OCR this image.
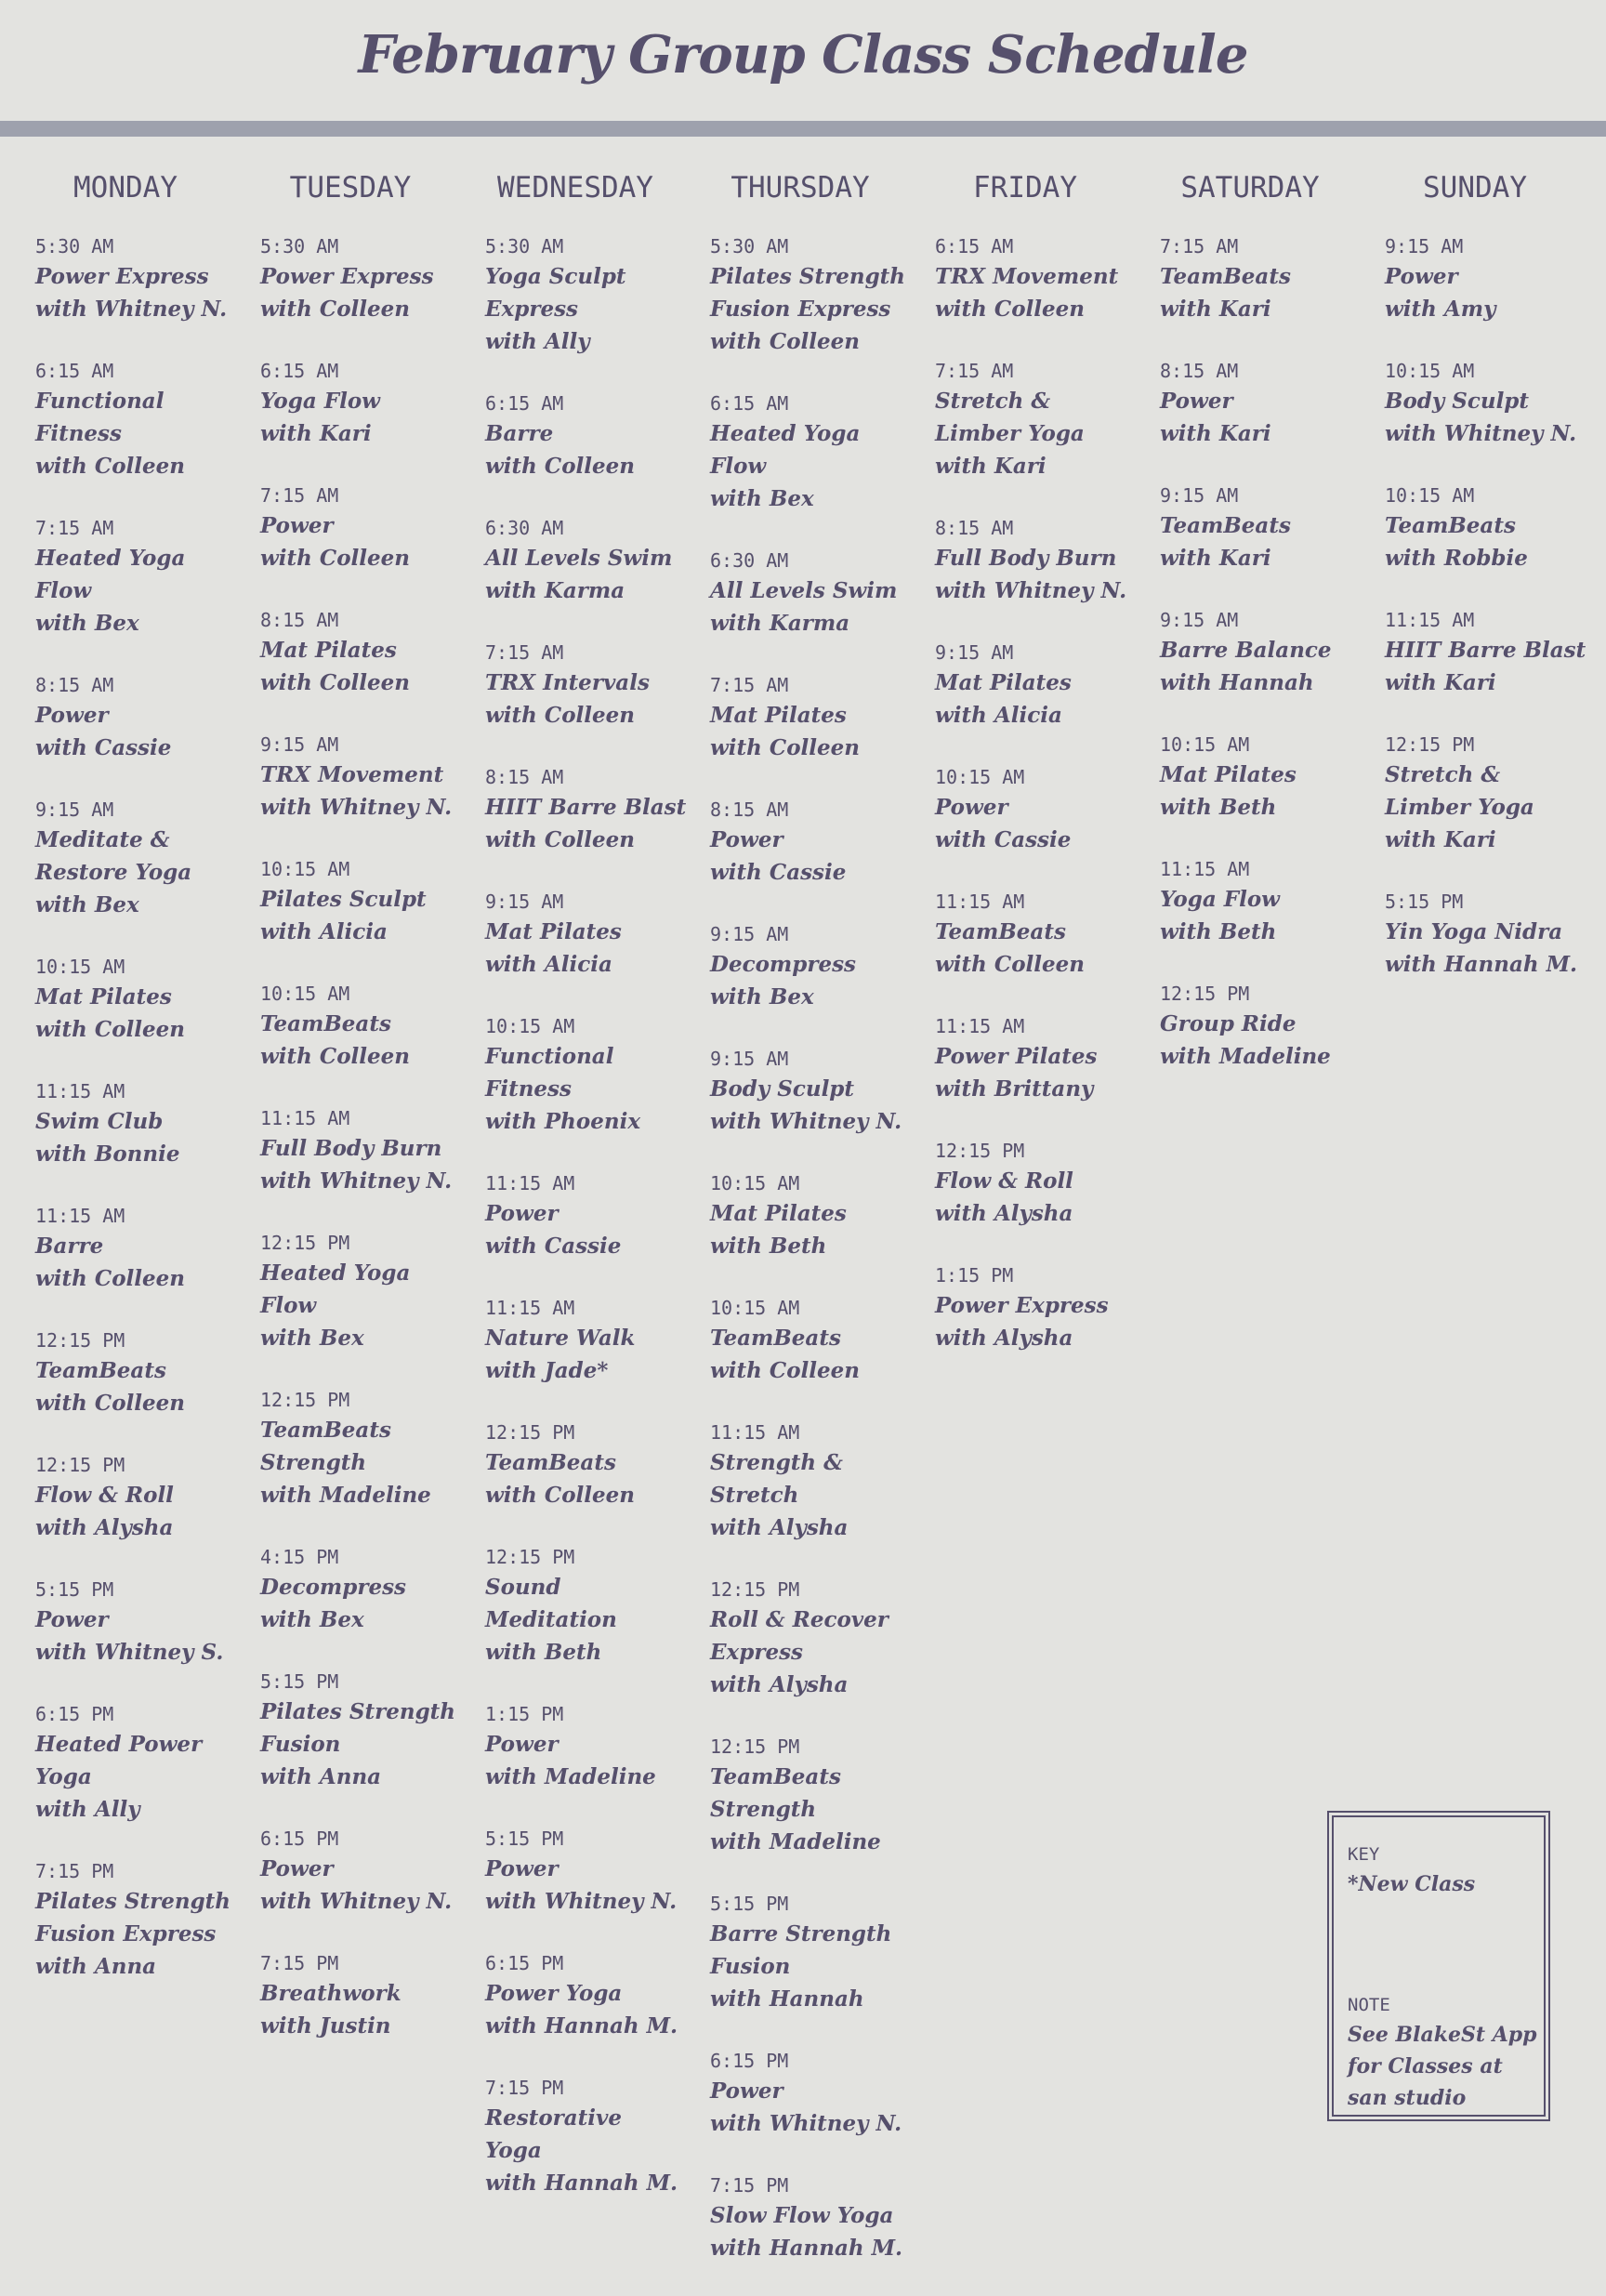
February Group Class Schedule
MONDAY
5:30 AM
Power Express
with Whitney N.
6:15 AM
Functional
Fitness
with Colleen
7:15 AM
Heated Yoga
Flow
with Bex
8:15 AM
Power
with Cassie
9:15 AM
Meditate &
Restore Yoga
with Bex
10:15 AM
Mat Pilates
with Colleen
11:15 AM
Swim Club
with Bonnie
11:15 AM
Barre
with Colleen
12:15 PM
TeamBeats
with Colleen
12:15 PM
Flow & Roll
with Alysha
5:15 PM
Power
with Whitney S.
6:15 PM
Heated Power
Yoga
with Ally
7:15 PM
Pilates Strength
Fusion Express
with Anna
TUESDAY
5:30 AM
Power Express
with Colleen
6:15 AM
Yoga Flow
with Kari
7:15 AM
Power
with Colleen
8:15 AM
Mat Pilates
with Colleen
9:15 AM
TRX Movement
with Whitney N.
10:15 AM
Pilates Sculpt
with Alicia
10:15 AM
TeamBeats
with Colleen
11:15 AM
Full Body Burn
with Whitney N.
12:15 PM
Heated Yoga
Flow
with Bex
12:15 PM
TeamBeats
Strength
with Madeline
4:15 PM
Decompress
with Bex
5:15 PM
Pilates Strength
Fusion
with Anna
6:15 PM
Power
with Whitney N.
7:15 PM
Breathwork
with Justin
WEDNESDAY
5:30 AM
Yoga Sculpt
Express
with Ally
6:15 AM
Barre
with Colleen
6:30 AM
All Levels Swim
with Karma
7:15 AM
TRX Intervals
with Colleen
8:15 AM
HIIT Barre Blast
with Colleen
9:15 AM
Mat Pilates
with Alicia
10:15 AM
Functional
Fitness
with Phoenix
11:15 AM
Power
with Cassie
11:15 AM
Nature Walk
with Jade*
12:15 PM
TeamBeats
with Colleen
12:15 PM
Sound
Meditation
with Beth
1:15 PM
Power
with Madeline
5:15 PM
Power
with Whitney N.
6:15 PM
Power Yoga
with Hannah M.
7:15 PM
Restorative
Yoga
with Hannah M.
THURSDAY
5:30 AM
Pilates Strength
Fusion Express
with Colleen
6:15 AM
Heated Yoga Flow
with Bex
6:30 AM
All Levels Swim
with Karma
7:15 AM
Mat Pilates
with Colleen
8:15 AM
Power
with Cassie
9:15 AM
Decompress
with Bex
9:15 AM
Body Sculpt
with Whitney N.
10:15 AM
Mat Pilates
with Beth
10:15 AM
TeamBeats
with Colleen
11:15 AM
Strength &
Stretch
with Alysha
12:15 PM
Roll & Recover
Express
with Alysha
12:15 PM
TeamBeats
Strength
with Madeline
5:15 PM
Barre Strength
Fusion
with Hannah
6:15 PM
Power
with Whitney N.
7:15 PM
Slow Flow Yoga
with Hannah M.
FRIDAY
6:15 AM
TRX Movement
with Colleen
7:15 AM
Stretch &
Limber Yoga
with Kari
8:15 AM
Full Body Burn
with Whitney N.
9:15 AM
Mat Pilates
with Alicia
10:15 AM
Power
with Cassie
11:15 AM
TeamBeats
with Colleen
11:15 AM
Power Pilates
with Brittany
12:15 PM
Flow & Roll
with Alysha
1:15 PM
Power Express
with Alysha
SATURDAY
7:15 AM
TeamBeats
with Kari
8:15 AM
Power
with Kari
9:15 AM
TeamBeats
with Kari
9:15 AM
Barre Balance
with Hannah
10:15 AM
Mat Pilates
with Beth
11:15 AM
Yoga Flow
with Beth
12:15 PM
Group Ride
with Madeline
SUNDAY
9:15 AM
Power
with Amy
10:15 AM
Body Sculpt
with Whitney N.
10:15 AM
TeamBeats
with Robbie
11:15 AM
HIIT Barre Blast
with Kari
12:15 PM
Stretch &
Limber Yoga
with Kari
5:15 PM
Yin Yoga Nidra
with Hannah M.
KEY
*New Class
NOTE
See BlakeSt App
for Classes at
san studio
